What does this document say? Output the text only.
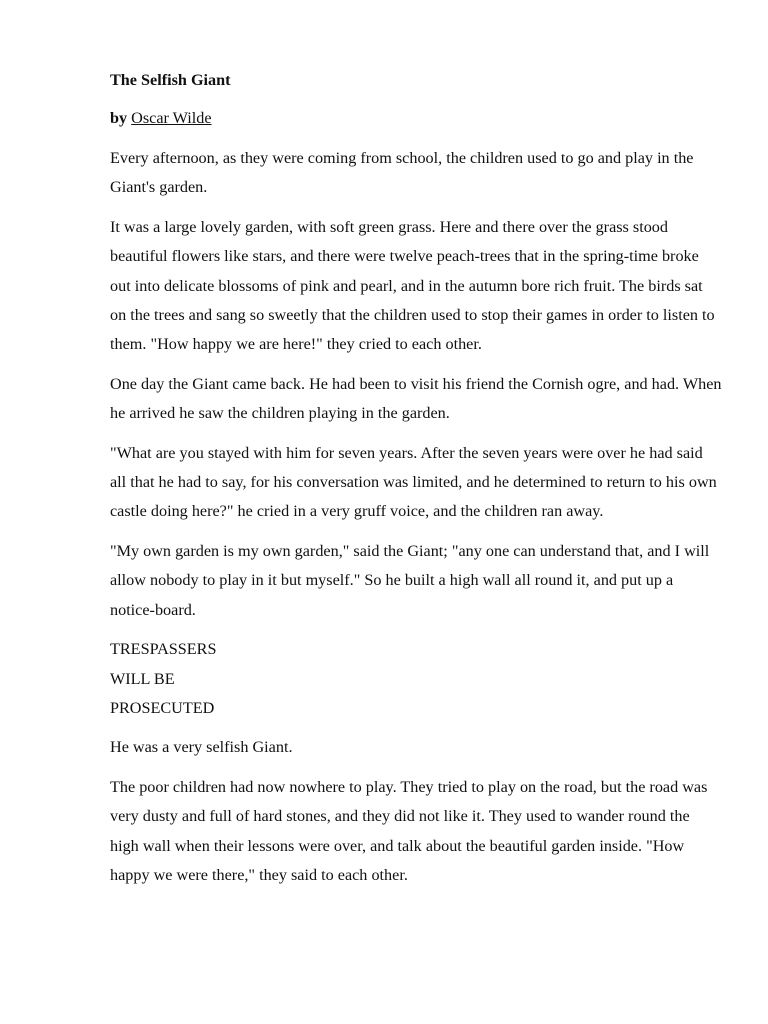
The Selfish Giant
by Oscar Wilde

Every afternoon, as they were coming from school, the children used to go and play in the Giant's garden.

It was a large lovely garden, with soft green grass. Here and there over the grass stood beautiful flowers like stars, and there were twelve peach-trees that in the spring-time broke out into delicate blossoms of pink and pearl, and in the autumn bore rich fruit. The birds sat on the trees and sang so sweetly that the children used to stop their games in order to listen to them. "How happy we are here!" they cried to each other.

One day the Giant came back. He had been to visit his friend the Cornish ogre, and had. When he arrived he saw the children playing in the garden.

"What are you stayed with him for seven years. After the seven years were over he had said all that he had to say, for his conversation was limited, and he determined to return to his own castle doing here?" he cried in a very gruff voice, and the children ran away.

"My own garden is my own garden," said the Giant; "any one can understand that, and I will allow nobody to play in it but myself." So he built a high wall all round it, and put up a notice-board.

TRESPASSERS
WILL BE
PROSECUTED

He was a very selfish Giant.

The poor children had now nowhere to play. They tried to play on the road, but the road was very dusty and full of hard stones, and they did not like it. They used to wander round the high wall when their lessons were over, and talk about the beautiful garden inside. "How happy we were there," they said to each other.
